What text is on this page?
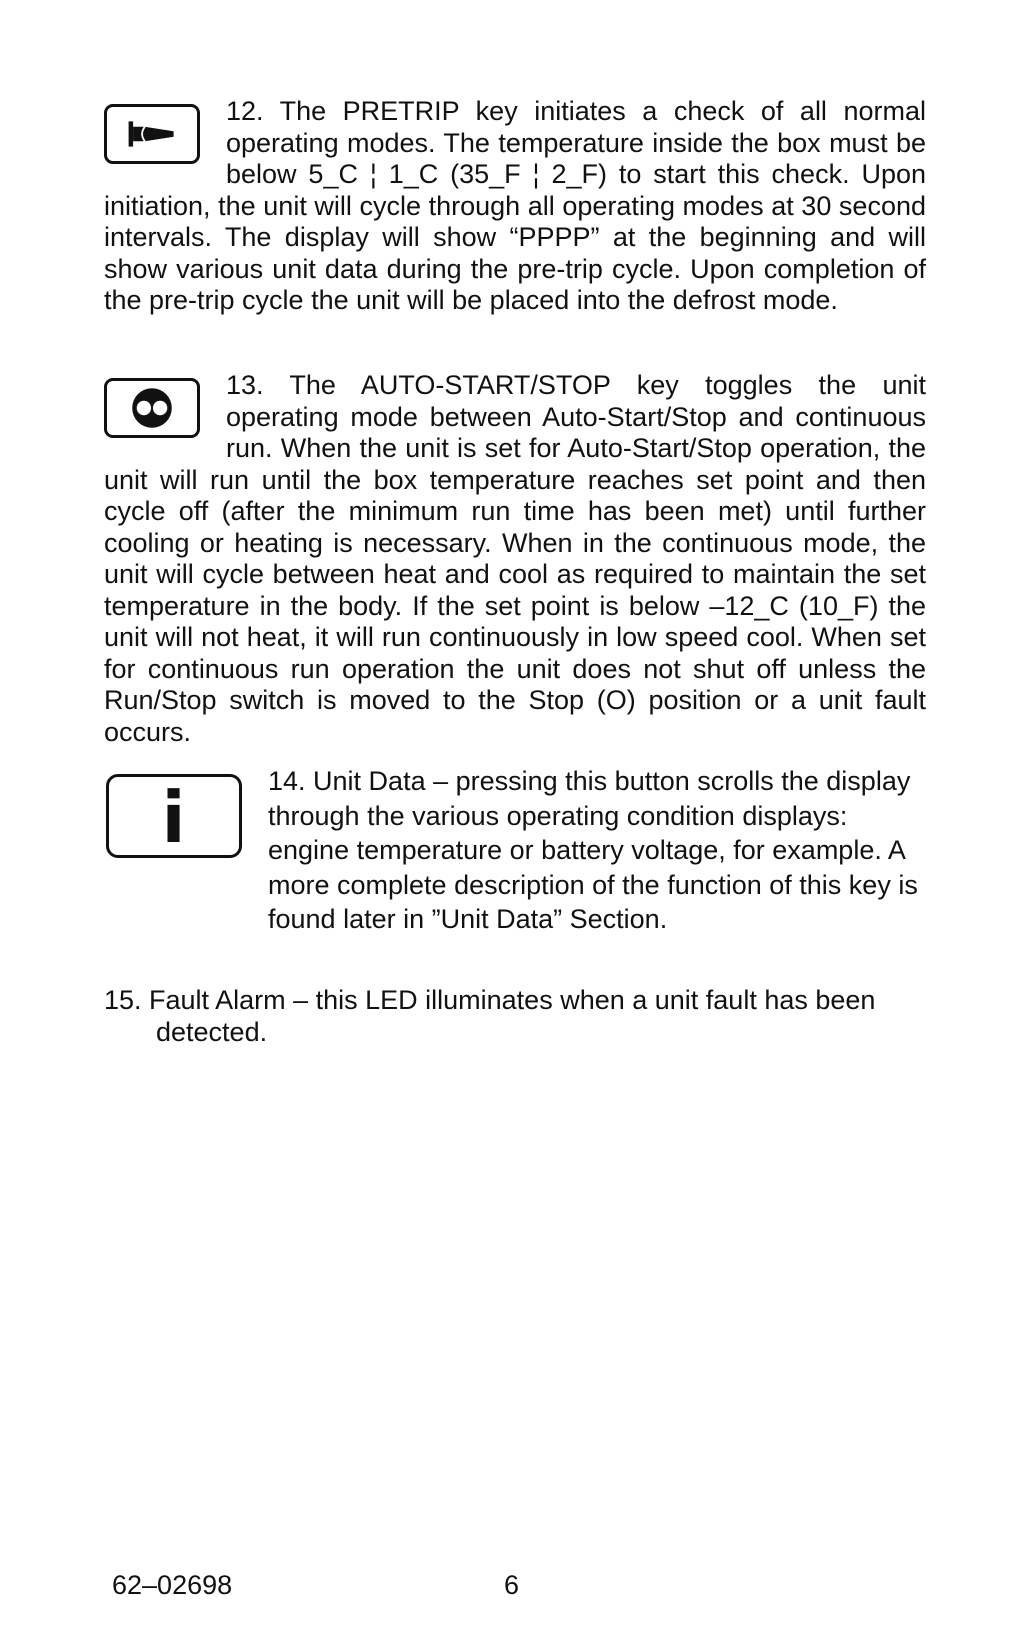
12. The PRETRIP key initiates a check of all normal operating modes. The temperature inside the box must be below 5_C ¦ 1_C (35_F ¦ 2_F) to start this check. Upon initiation, the unit will cycle through all operating modes at 30 second intervals. The display will show “PPPP” at the beginning and will show various unit data during the pre-trip cycle. Upon completion of the pre-trip cycle the unit will be placed into the defrost mode.

13. The AUTO-START/STOP key toggles the unit operating mode between Auto-Start/Stop and continuous run. When the unit is set for Auto-Start/Stop operation, the unit will run until the box temperature reaches set point and then cycle off (after the minimum run time has been met) until further cooling or heating is necessary. When in the continuous mode, the unit will cycle between heat and cool as required to maintain the set temperature in the body. If the set point is below –12_C (10_F) the unit will not heat, it will run continuously in low speed cool. When set for continuous run operation the unit does not shut off unless the Run/Stop switch is moved to the Stop (O) position or a unit fault occurs.

14. Unit Data – pressing this button scrolls the display through the various operating condition displays: engine temperature or battery voltage, for example. A more complete description of the function of this key is found later in ”Unit Data” Section.

15. Fault Alarm – this LED illuminates when a unit fault has been detected.

62–02698	6
